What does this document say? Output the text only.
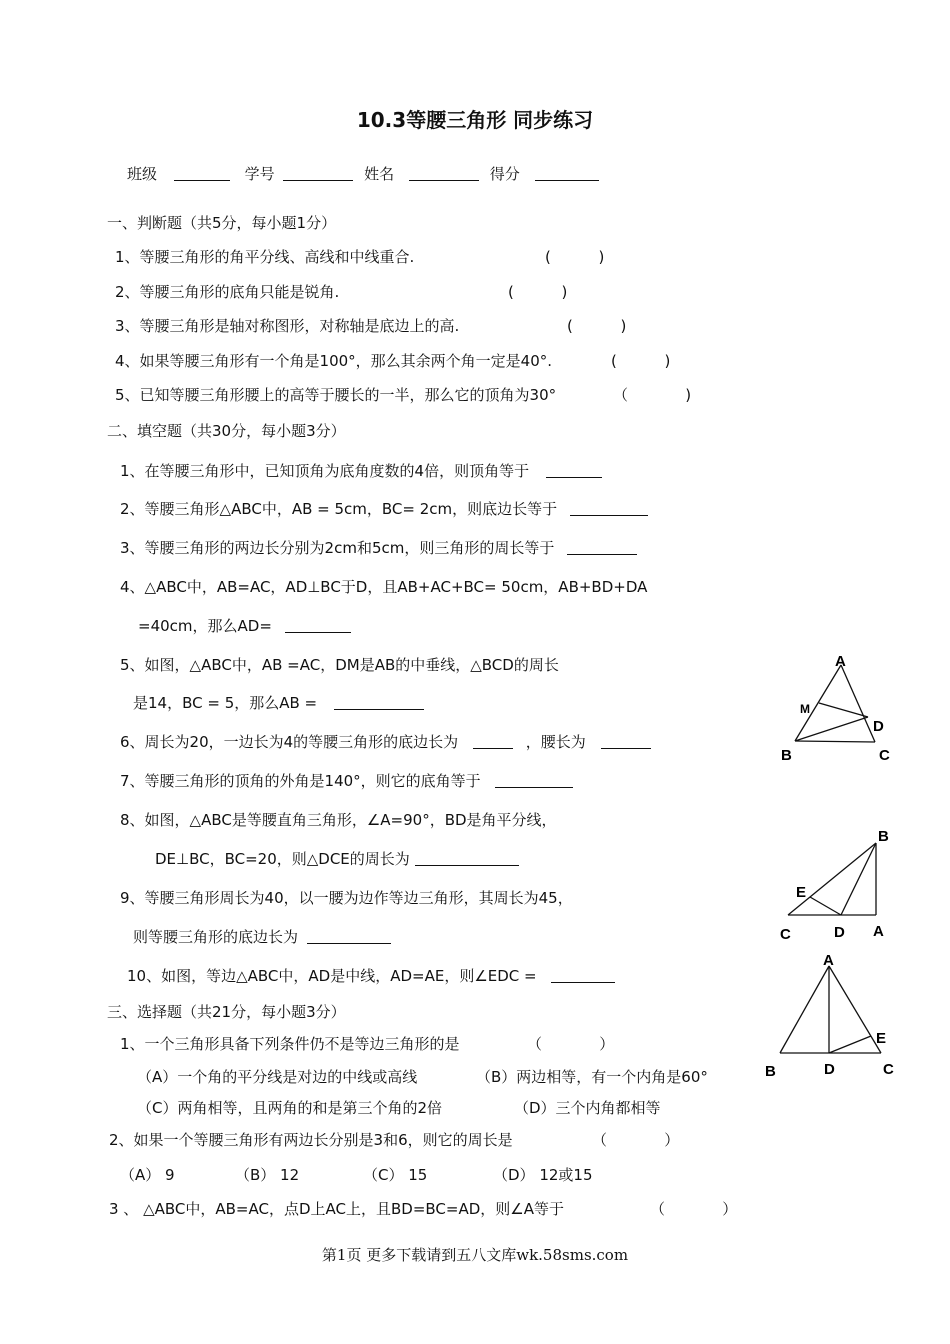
10.3等腰三角形 同步练习
班级	学号	姓名	得分
一、判断题（共5分，每小题1分）
1、等腰三角形的角平分线、高线和中线重合.	(          )
2、等腰三角形的底角只能是锐角.	(          )
3、等腰三角形是轴对称图形，对称轴是底边上的高.	(          )
4、如果等腰三角形有一个角是100°，那么其余两个角一定是40°.	(          )
5、已知等腰三角形腰上的高等于腰长的一半，那么它的顶角为30°	（            )
二、填空题（共30分，每小题3分）
1、在等腰三角形中，已知顶角为底角度数的4倍，则顶角等于
2、等腰三角形△ABC中，AB = 5cm，BC= 2cm，则底边长等于
3、等腰三角形的两边长分别为2cm和5cm，则三角形的周长等于
4、△ABC中，AB=AC，AD⊥BC于D，且AB+AC+BC= 50cm，AB+BD+DA
=40cm，那么AD=
5、如图，△ABC中，AB =AC，DM是AB的中垂线，△BCD的周长
是14，BC = 5，那么AB =
6、周长为20，一边长为4的等腰三角形的底边长为	，腰长为
7、等腰三角形的顶角的外角是140°，则它的底角等于
8、如图，△ABC是等腰直角三角形，∠A=90°，BD是角平分线，
DE⊥BC，BC=20，则△DCE的周长为
9、等腰三角形周长为40，以一腰为边作等边三角形，其周长为45，
则等腰三角形的底边长为
10、如图，等边△ABC中，AD是中线，AD=AE，则∠EDC =
三、选择题（共21分，每小题3分）
1、一个三角形具备下列条件仍不是等边三角形的是	（            ）
（A）一个角的平分线是对边的中线或高线	（B）两边相等，有一个内角是60°
（C）两角相等，且两角的和是第三个角的2倍	（D）三个内角都相等
2、如果一个等腰三角形有两边长分别是3和6，则它的周长是	（            ）
（A） 9	（B） 12	（C） 15	（D） 12或15
3 、 △ABC中，AB=AC，点D上AC上，且BD=BC=AD，则∠A等于	（            ）
A
M
D
B	C
B
E
C	D A
A
E
B	D	C
第1页 更多下载请到五八文库wk.58sms.com
